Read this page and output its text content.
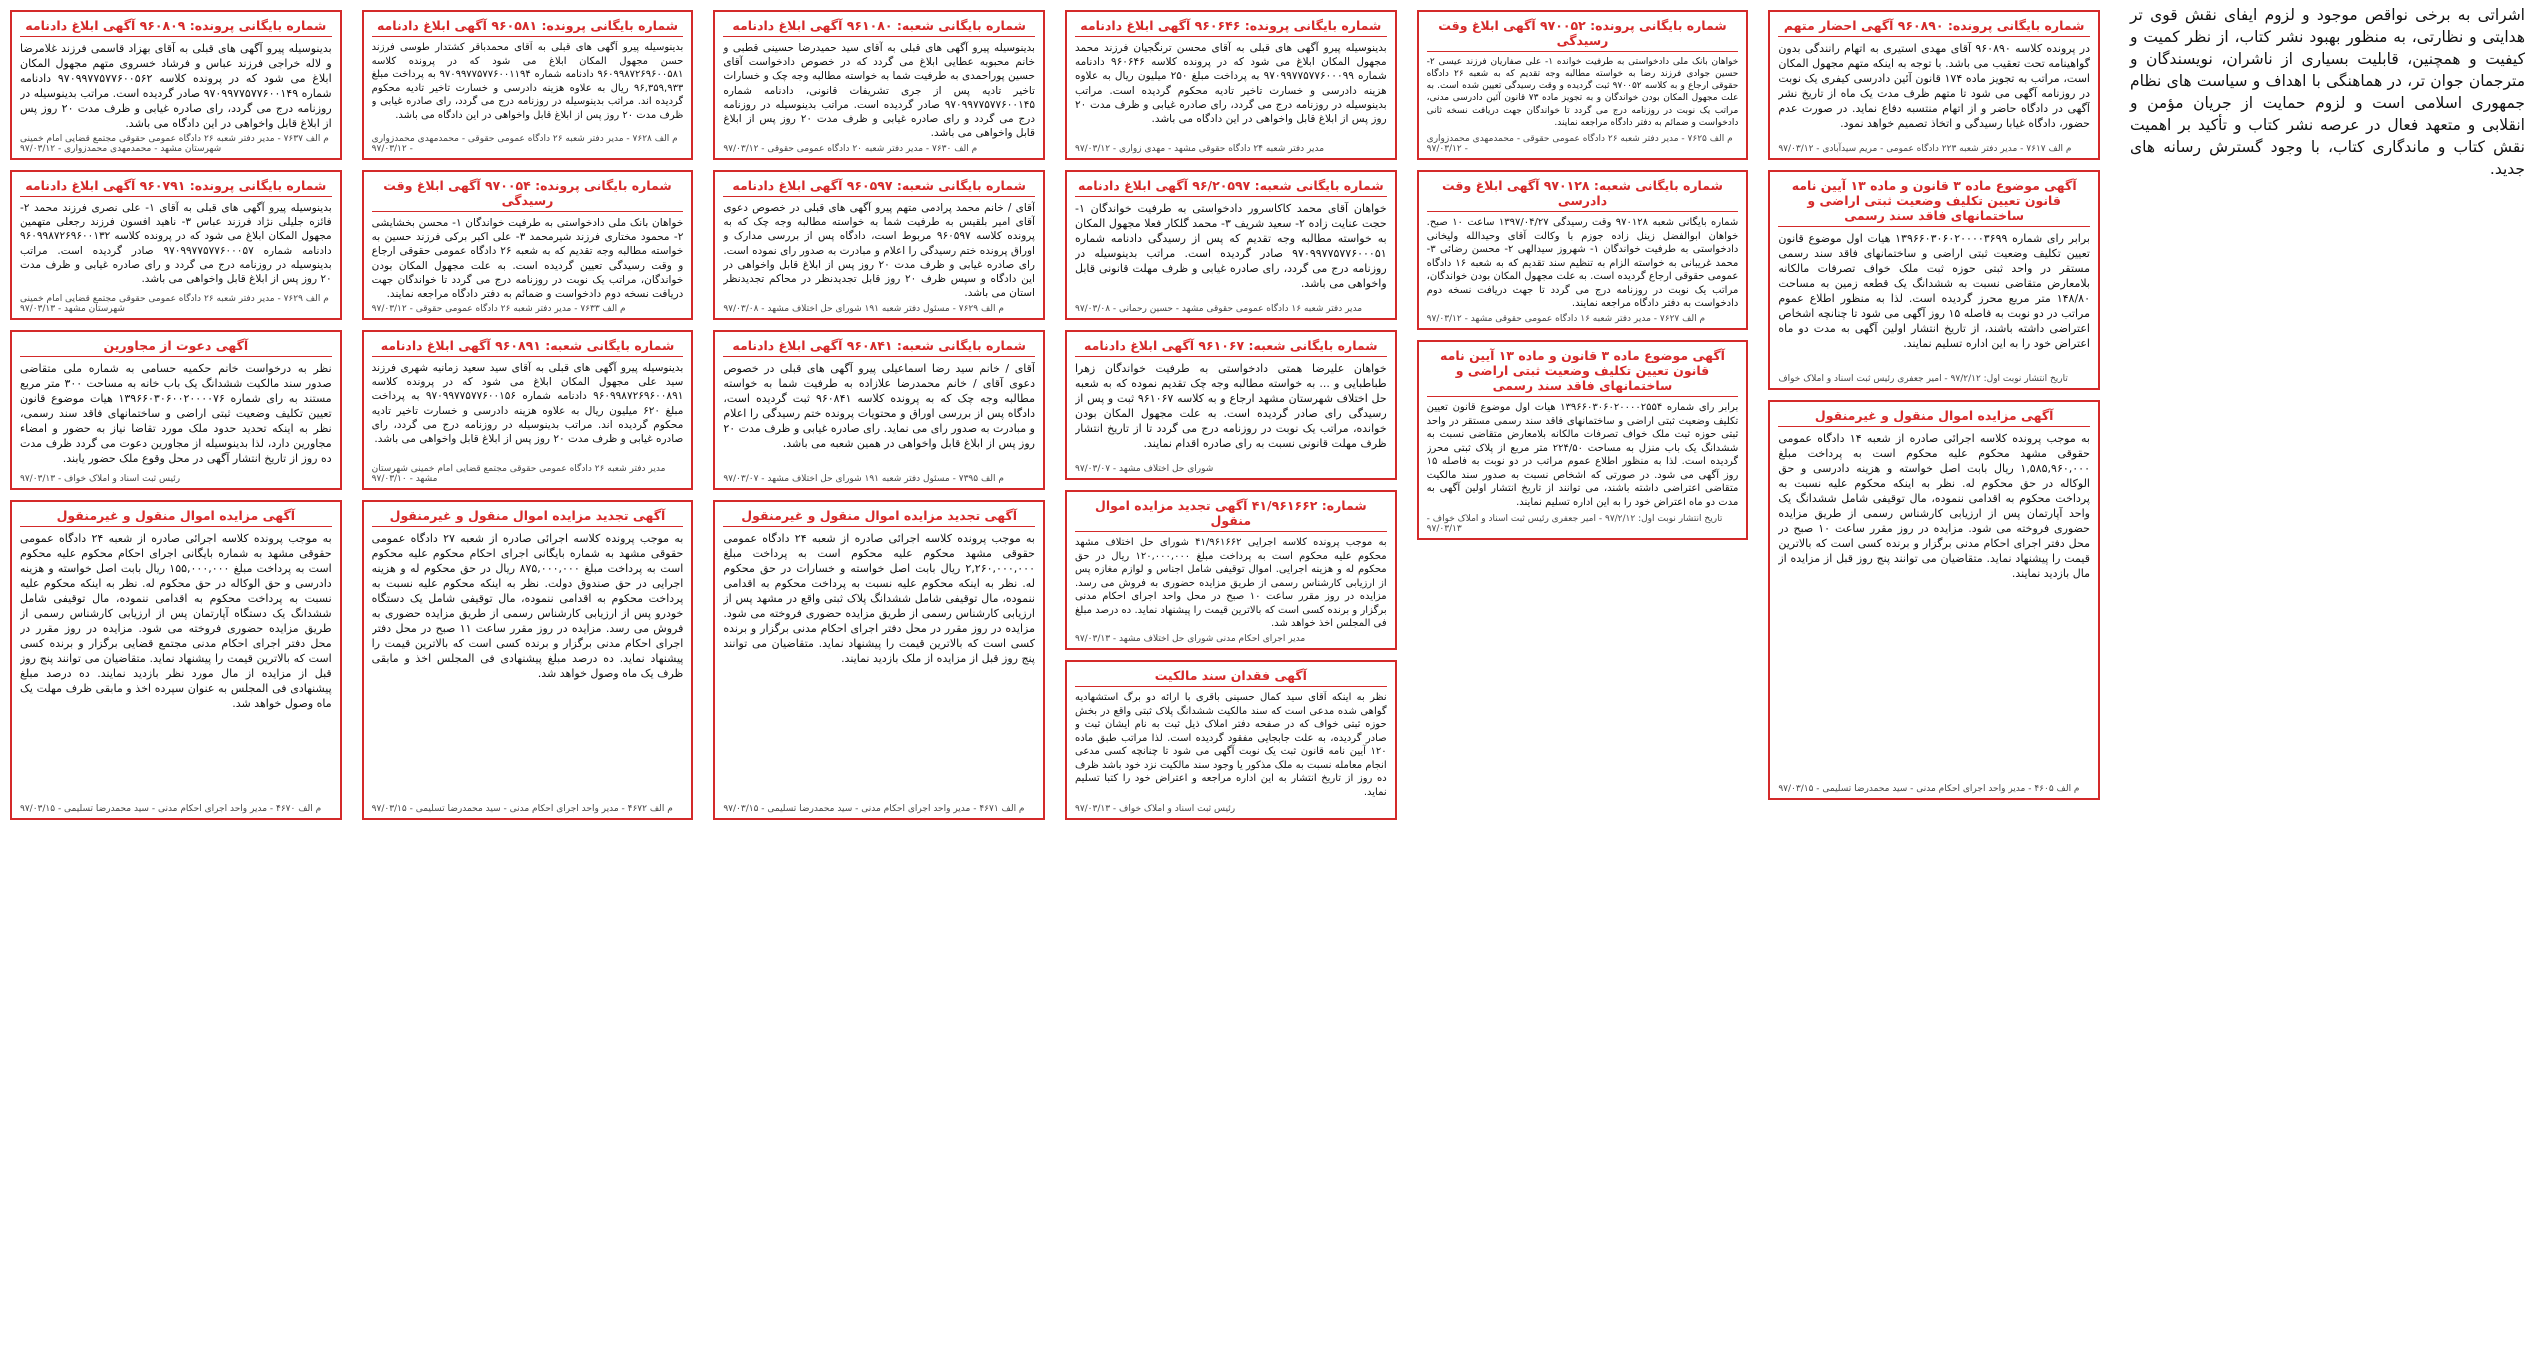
اشراتی به برخی نواقص موجود و لزوم ایفای نقش قوی تر هدایتی و نظارتی، به منظور بهبود نشر کتاب، از نظر کمیت و کیفیت و همچنین، قابلیت بسیاری از ناشران، نویسندگان و مترجمان جوان تر، در هماهنگی با اهداف و سیاست های نظام جمهوری اسلامی است و لزوم حمایت از جریان مؤمن و انقلابی و متعهد فعال در عرصه نشر کتاب و تأکید بر اهمیت نقش کتاب و ماندگاری کتاب، با وجود گسترش رسانه های جدید.
شماره بایگانی پرونده: ۹۶۰۸۰۹ آگهی ابلاغ دادنامه
بدینوسیله پیرو آگهی های قبلی به آقای بهزاد قاسمی فرزند غلامرضا و لاله خراجی فرزند عباس و فرشاد خسروی متهم مجهول المکان ابلاغ می شود که در پرونده کلاسه ۹۷۰۹۹۷۷۵۷۷۶۰۰۵۶۲ دادنامه شماره ۹۷۰۹۹۷۷۵۷۷۶۰۰۱۴۹ صادر گردیده است. مراتب بدینوسیله در روزنامه درج می گردد، رای صادره غیابی و ظرف مدت ۲۰ روز پس از ابلاغ قابل واخواهی در این دادگاه می باشد.
م الف ۷۶۳۷ - مدیر دفتر شعبه ۲۶ دادگاه عمومی حقوقی مجتمع قضایی امام خمینی شهرستان مشهد - محمدمهدی محمدزواری - ۹۷/۰۳/۱۲
شماره بایگانی پرونده: ۹۶۰۷۹۱ آگهی ابلاغ دادنامه
بدینوسیله پیرو آگهی های قبلی به آقای ۱- علی نصری فرزند محمد ۲- فائزه جلیلی نژاد فرزند عباس ۳- ناهید افسون فرزند رجعلی متهمین مجهول المکان ابلاغ می شود که در پرونده کلاسه ۹۶۰۹۹۸۷۲۶۹۶۰۰۱۳۲ دادنامه شماره ۹۷۰۹۹۷۷۵۷۷۶۰۰۰۵۷ صادر گردیده است. مراتب بدینوسیله در روزنامه درج می گردد و رای صادره غیابی و ظرف مدت ۲۰ روز پس از ابلاغ قابل واخواهی می باشد.
م الف ۷۶۲۹ - مدیر دفتر شعبه ۲۶ دادگاه عمومی حقوقی مجتمع قضایی امام خمینی شهرستان مشهد - ۹۷/۰۳/۱۳
آگهی دعوت از مجاورین
نظر به درخواست خانم حکمیه حسامی به شماره ملی متقاضی صدور سند مالکیت ششدانگ یک باب خانه به مساحت ۳۰۰ متر مربع مستند به رای شماره ۱۳۹۶۶۰۳۰۶۰۰۲۰۰۰۰۷۶ هیات موضوع قانون تعیین تکلیف وضعیت ثبتی اراضی و ساختمانهای فاقد سند رسمی، نظر به اینکه تحدید حدود ملک مورد تقاضا نیاز به حضور و امضاء مجاورین دارد، لذا بدینوسیله از مجاورین دعوت می گردد ظرف مدت ده روز از تاریخ انتشار آگهی در محل وقوع ملک حضور یابند.
رئیس ثبت اسناد و املاک خواف - ۹۷/۰۳/۱۳
آگهی مزایده اموال منقول و غیرمنقول
به موجب پرونده کلاسه اجرائی صادره از شعبه ۲۴ دادگاه عمومی حقوقی مشهد به شماره بایگانی اجرای احکام محکوم علیه محکوم است به پرداخت مبلغ ۱۵۵,۰۰۰,۰۰۰ ریال بابت اصل خواسته و هزینه دادرسی و حق الوکاله در حق محکوم له. نظر به اینکه محکوم علیه نسبت به پرداخت محکوم به اقدامی ننموده، مال توقیفی شامل ششدانگ یک دستگاه آپارتمان پس از ارزیابی کارشناس رسمی از طریق مزایده حضوری فروخته می شود. مزایده در روز مقرر در محل دفتر اجرای احکام مدنی مجتمع قضایی برگزار و برنده کسی است که بالاترین قیمت را پیشنهاد نماید. متقاضیان می توانند پنج روز قبل از مزایده از مال مورد نظر بازدید نمایند. ده درصد مبلغ پیشنهادی فی المجلس به عنوان سپرده اخذ و مابقی ظرف مهلت یک ماه وصول خواهد شد.
م الف ۴۶۷۰ - مدیر واحد اجرای احکام مدنی - سید محمدرضا تسلیمی - ۹۷/۰۳/۱۵
شماره بایگانی پرونده: ۹۶۰۵۸۱ آگهی ابلاغ دادنامه
بدینوسیله پیرو آگهی های قبلی به آقای محمدباقر کشتدار طوسی فرزند حسن مجهول المکان ابلاغ می شود که در پرونده کلاسه ۹۶۰۹۹۸۷۲۶۹۶۰۰۵۸۱ دادنامه شماره ۹۷۰۹۹۷۷۵۷۷۶۰۰۱۱۹۴ به پرداخت مبلغ ۹۶,۳۵۹,۹۳۳ ریال به علاوه هزینه دادرسی و خسارت تاخیر تادیه محکوم گردیده اند. مراتب بدینوسیله در روزنامه درج می گردد، رای صادره غیابی و ظرف مدت ۲۰ روز پس از ابلاغ قابل واخواهی در این دادگاه می باشد.
م الف ۷۶۲۸ - مدیر دفتر شعبه ۲۶ دادگاه عمومی حقوقی - محمدمهدی محمدزواری - ۹۷/۰۳/۱۲
شماره بایگانی پرونده: ۹۷۰۰۵۴ آگهی ابلاغ وقت رسیدگی
خواهان بانک ملی دادخواستی به طرفیت خواندگان ۱- محسن بخشایشی ۲- محمود مختاری فرزند شیرمحمد ۳- علی اکبر برکی فرزند حسین به خواسته مطالبه وجه تقدیم که به شعبه ۲۶ دادگاه عمومی حقوقی ارجاع و وقت رسیدگی تعیین گردیده است. به علت مجهول المکان بودن خواندگان، مراتب یک نوبت در روزنامه درج می گردد تا خواندگان جهت دریافت نسخه دوم دادخواست و ضمائم به دفتر دادگاه مراجعه نمایند.
م الف ۷۶۳۳ - مدیر دفتر شعبه ۲۶ دادگاه عمومی حقوقی - ۹۷/۰۳/۱۲
شماره بایگانی شعبه: ۹۶۰۸۹۱ آگهی ابلاغ دادنامه
بدینوسیله پیرو آگهی های قبلی به آقای سید سعید زمانیه شهری فرزند سید علی مجهول المکان ابلاغ می شود که در پرونده کلاسه ۹۶۰۹۹۸۷۲۶۹۶۰۰۸۹۱ دادنامه شماره ۹۷۰۹۹۷۷۵۷۷۶۰۰۱۵۶ به پرداخت مبلغ ۶۲۰ میلیون ریال به علاوه هزینه دادرسی و خسارت تاخیر تادیه محکوم گردیده اند. مراتب بدینوسیله در روزنامه درج می گردد، رای صادره غیابی و ظرف مدت ۲۰ روز پس از ابلاغ قابل واخواهی می باشد.
مدیر دفتر شعبه ۲۶ دادگاه عمومی حقوقی مجتمع قضایی امام خمینی شهرستان مشهد - ۹۷/۰۳/۱۰
آگهی تجدید مزایده اموال منقول و غیرمنقول
به موجب پرونده کلاسه اجرائی صادره از شعبه ۲۷ دادگاه عمومی حقوقی مشهد به شماره بایگانی اجرای احکام محکوم علیه محکوم است به پرداخت مبلغ ۸۷۵,۰۰۰,۰۰۰ ریال در حق محکوم له و هزینه اجرایی در حق صندوق دولت. نظر به اینکه محکوم علیه نسبت به پرداخت محکوم به اقدامی ننموده، مال توقیفی شامل یک دستگاه خودرو پس از ارزیابی کارشناس رسمی از طریق مزایده حضوری به فروش می رسد. مزایده در روز مقرر ساعت ۱۱ صبح در محل دفتر اجرای احکام مدنی برگزار و برنده کسی است که بالاترین قیمت را پیشنهاد نماید. ده درصد مبلغ پیشنهادی فی المجلس اخذ و مابقی ظرف یک ماه وصول خواهد شد.
م الف ۴۶۷۲ - مدیر واحد اجرای احکام مدنی - سید محمدرضا تسلیمی - ۹۷/۰۳/۱۵
شماره بایگانی شعبه: ۹۶۱۰۸۰ آگهی ابلاغ دادنامه
بدینوسیله پیرو آگهی های قبلی به آقای سید حمیدرضا حسینی قطبی و خانم محبوبه عطایی ابلاغ می گردد که در خصوص دادخواست آقای حسین پوراحمدی به طرفیت شما به خواسته مطالبه وجه چک و خسارات تاخیر تادیه پس از جری تشریفات قانونی، دادنامه شماره ۹۷۰۹۹۷۷۵۷۷۶۰۰۱۴۵ صادر گردیده است. مراتب بدینوسیله در روزنامه درج می گردد و رای صادره غیابی و ظرف مدت ۲۰ روز پس از ابلاغ قابل واخواهی می باشد.
م الف ۷۶۳۰ - مدیر دفتر شعبه ۲۰ دادگاه عمومی حقوقی - ۹۷/۰۳/۱۲
شماره بایگانی شعبه: ۹۶۰۵۹۷ آگهی ابلاغ دادنامه
آقای / خانم محمد پرادمی متهم پیرو آگهی های قبلی در خصوص دعوی آقای امیر بلقیس به طرفیت شما به خواسته مطالبه وجه چک که به پرونده کلاسه ۹۶۰۵۹۷ مربوط است، دادگاه پس از بررسی مدارک و اوراق پرونده ختم رسیدگی را اعلام و مبادرت به صدور رای نموده است. رای صادره غیابی و ظرف مدت ۲۰ روز پس از ابلاغ قابل واخواهی در این دادگاه و سپس ظرف ۲۰ روز قابل تجدیدنظر در محاکم تجدیدنظر استان می باشد.
م الف ۷۶۲۹ - مسئول دفتر شعبه ۱۹۱ شورای حل اختلاف مشهد - ۹۷/۰۳/۰۸
شماره بایگانی شعبه: ۹۶۰۸۴۱ آگهی ابلاغ دادنامه
آقای / خانم سید رضا اسماعیلی پیرو آگهی های قبلی در خصوص دعوی آقای / خانم محمدرضا علازاده به طرفیت شما به خواسته مطالبه وجه چک که به پرونده کلاسه ۹۶۰۸۴۱ ثبت گردیده است، دادگاه پس از بررسی اوراق و محتویات پرونده ختم رسیدگی را اعلام و مبادرت به صدور رای می نماید. رای صادره غیابی و ظرف مدت ۲۰ روز پس از ابلاغ قابل واخواهی در همین شعبه می باشد.
م الف ۷۳۹۵ - مسئول دفتر شعبه ۱۹۱ شورای حل اختلاف مشهد - ۹۷/۰۳/۰۷
آگهی تجدید مزایده اموال منقول و غیرمنقول
به موجب پرونده کلاسه اجرائی صادره از شعبه ۲۴ دادگاه عمومی حقوقی مشهد محکوم علیه محکوم است به پرداخت مبلغ ۲,۲۶۰,۰۰۰,۰۰۰ ریال بابت اصل خواسته و خسارات در حق محکوم له. نظر به اینکه محکوم علیه نسبت به پرداخت محکوم به اقدامی ننموده، مال توقیفی شامل ششدانگ پلاک ثبتی واقع در مشهد پس از ارزیابی کارشناس رسمی از طریق مزایده حضوری فروخته می شود. مزایده در روز مقرر در محل دفتر اجرای احکام مدنی برگزار و برنده کسی است که بالاترین قیمت را پیشنهاد نماید. متقاضیان می توانند پنج روز قبل از مزایده از ملک بازدید نمایند.
م الف ۴۶۷۱ - مدیر واحد اجرای احکام مدنی - سید محمدرضا تسلیمی - ۹۷/۰۳/۱۵
شماره بایگانی پرونده: ۹۶۰۶۴۶ آگهی ابلاغ دادنامه
بدینوسیله پیرو آگهی های قبلی به آقای محسن ترنگجیان فرزند محمد مجهول المکان ابلاغ می شود که در پرونده کلاسه ۹۶۰۶۴۶ دادنامه شماره ۹۷۰۹۹۷۷۵۷۷۶۰۰۰۹۹ به پرداخت مبلغ ۲۵۰ میلیون ریال به علاوه هزینه دادرسی و خسارت تاخیر تادیه محکوم گردیده است. مراتب بدینوسیله در روزنامه درج می گردد، رای صادره غیابی و ظرف مدت ۲۰ روز پس از ابلاغ قابل واخواهی در این دادگاه می باشد.
مدیر دفتر شعبه ۲۴ دادگاه حقوقی مشهد - مهدی زواری - ۹۷/۰۳/۱۲
شماره بایگانی شعبه: ۹۶/۲۰۵۹۷ آگهی ابلاغ دادنامه
خواهان آقای محمد کاکاسرور دادخواستی به طرفیت خواندگان ۱- حجت عنایت زاده ۲- سعید شریف ۳- محمد گلکار فعلا مجهول المکان به خواسته مطالبه وجه تقدیم که پس از رسیدگی دادنامه شماره ۹۷۰۹۹۷۷۵۷۷۶۰۰۰۵۱ صادر گردیده است. مراتب بدینوسیله در روزنامه درج می گردد، رای صادره غیابی و ظرف مهلت قانونی قابل واخواهی می باشد.
مدیر دفتر شعبه ۱۶ دادگاه عمومی حقوقی مشهد - حسین رحمانی - ۹۷/۰۳/۰۸
شماره بایگانی شعبه: ۹۶۱۰۶۷ آگهی ابلاغ دادنامه
خواهان علیرضا همتی دادخواستی به طرفیت خواندگان زهرا طباطبایی و ... به خواسته مطالبه وجه چک تقدیم نموده که به شعبه حل اختلاف شهرستان مشهد ارجاع و به کلاسه ۹۶۱۰۶۷ ثبت و پس از رسیدگی رای صادر گردیده است. به علت مجهول المکان بودن خوانده، مراتب یک نوبت در روزنامه درج می گردد تا از تاریخ انتشار ظرف مهلت قانونی نسبت به رای صادره اقدام نمایند.
شورای حل اختلاف مشهد - ۹۷/۰۳/۰۷
شماره: ۴۱/۹۶۱۶۶۲ آگهی تجدید مزایده اموال منقول
به موجب پرونده کلاسه اجرایی ۴۱/۹۶۱۶۶۲ شورای حل اختلاف مشهد محکوم علیه محکوم است به پرداخت مبلغ ۱۲۰,۰۰۰,۰۰۰ ریال در حق محکوم له و هزینه اجرایی. اموال توقیفی شامل اجناس و لوازم مغازه پس از ارزیابی کارشناس رسمی از طریق مزایده حضوری به فروش می رسد. مزایده در روز مقرر ساعت ۱۰ صبح در محل واحد اجرای احکام مدنی برگزار و برنده کسی است که بالاترین قیمت را پیشنهاد نماید. ده درصد مبلغ فی المجلس اخذ خواهد شد.
مدیر اجرای احکام مدنی شورای حل اختلاف مشهد - ۹۷/۰۳/۱۳
آگهی فقدان سند مالکیت
نظر به اینکه آقای سید کمال حسینی باقری با ارائه دو برگ استشهادیه گواهی شده مدعی است که سند مالکیت ششدانگ پلاک ثبتی واقع در بخش حوزه ثبتی خواف که در صفحه دفتر املاک ذیل ثبت به نام ایشان ثبت و صادر گردیده، به علت جابجایی مفقود گردیده است. لذا مراتب طبق ماده ۱۲۰ آیین نامه قانون ثبت یک نوبت آگهی می شود تا چنانچه کسی مدعی انجام معامله نسبت به ملک مذکور یا وجود سند مالکیت نزد خود باشد ظرف ده روز از تاریخ انتشار به این اداره مراجعه و اعتراض خود را کتبا تسلیم نماید.
رئیس ثبت اسناد و املاک خواف - ۹۷/۰۳/۱۳
شماره بایگانی پرونده: ۹۷۰۰۵۲ آگهی ابلاغ وقت رسیدگی
خواهان بانک ملی دادخواستی به طرفیت خوانده ۱- علی صفاریان فرزند عیسی ۲- حسین جوادی فرزند رضا به خواسته مطالبه وجه تقدیم که به شعبه ۲۶ دادگاه حقوقی ارجاع و به کلاسه ۹۷۰۰۵۲ ثبت گردیده و وقت رسیدگی تعیین شده است. به علت مجهول المکان بودن خواندگان و به تجویز ماده ۷۳ قانون آئین دادرسی مدنی، مراتب یک نوبت در روزنامه درج می گردد تا خواندگان جهت دریافت نسخه ثانی دادخواست و ضمائم به دفتر دادگاه مراجعه نمایند.
م الف ۷۶۲۵ - مدیر دفتر شعبه ۲۶ دادگاه عمومی حقوقی - محمدمهدی محمدزواری - ۹۷/۰۳/۱۲
شماره بایگانی شعبه: ۹۷۰۱۲۸ آگهی ابلاغ وقت دادرسی
شماره بایگانی شعبه ۹۷۰۱۲۸ وقت رسیدگی ۱۳۹۷/۰۴/۲۷ ساعت ۱۰ صبح. خواهان ابوالفضل زینل زاده جوزم با وکالت آقای وحیدالله ولیخانی دادخواستی به طرفیت خواندگان ۱- شهروز سیدالهی ۲- محسن رضائی ۳- محمد غریبانی به خواسته الزام به تنظیم سند تقدیم که به شعبه ۱۶ دادگاه عمومی حقوقی ارجاع گردیده است. به علت مجهول المکان بودن خواندگان، مراتب یک نوبت در روزنامه درج می گردد تا جهت دریافت نسخه دوم دادخواست به دفتر دادگاه مراجعه نمایند.
م الف ۷۶۲۷ - مدیر دفتر شعبه ۱۶ دادگاه عمومی حقوقی مشهد - ۹۷/۰۳/۱۲
آگهی موضوع ماده ۳ قانون و ماده ۱۳ آیین نامه قانون تعیین تکلیف وضعیت ثبتی اراضی و ساختمانهای فاقد سند رسمی
برابر رای شماره ۱۳۹۶۶۰۳۰۶۰۲۰۰۰۰۲۵۵۴ هیات اول موضوع قانون تعیین تکلیف وضعیت ثبتی اراضی و ساختمانهای فاقد سند رسمی مستقر در واحد ثبتی حوزه ثبت ملک خواف تصرفات مالکانه بلامعارض متقاضی نسبت به ششدانگ یک باب منزل به مساحت ۲۲۴/۵۰ متر مربع از پلاک ثبتی محرز گردیده است. لذا به منظور اطلاع عموم مراتب در دو نوبت به فاصله ۱۵ روز آگهی می شود. در صورتی که اشخاص نسبت به صدور سند مالکیت متقاضی اعتراضی داشته باشند، می توانند از تاریخ انتشار اولین آگهی به مدت دو ماه اعتراض خود را به این اداره تسلیم نمایند.
تاریخ انتشار نوبت اول: ۹۷/۲/۱۲ - امیر جعفری رئیس ثبت اسناد و املاک خواف - ۹۷/۰۳/۱۳
شماره بایگانی پرونده: ۹۶۰۸۹۰ آگهی احضار متهم
در پرونده کلاسه ۹۶۰۸۹۰ آقای مهدی استیری به اتهام رانندگی بدون گواهینامه تحت تعقیب می باشد. با توجه به اینکه متهم مجهول المکان است، مراتب به تجویز ماده ۱۷۴ قانون آئین دادرسی کیفری یک نوبت در روزنامه آگهی می شود تا متهم ظرف مدت یک ماه از تاریخ نشر آگهی در دادگاه حاضر و از اتهام منتسبه دفاع نماید. در صورت عدم حضور، دادگاه غیابا رسیدگی و اتخاذ تصمیم خواهد نمود.
م الف ۷۶۱۷ - مدیر دفتر شعبه ۲۲۳ دادگاه عمومی - مریم سیدآبادی - ۹۷/۰۳/۱۲
آگهی موضوع ماده ۳ قانون و ماده ۱۳ آیین نامه قانون تعیین تکلیف وضعیت ثبتی اراضی و ساختمانهای فاقد سند رسمی
برابر رای شماره ۱۳۹۶۶۰۳۰۶۰۲۰۰۰۰۳۶۹۹ هیات اول موضوع قانون تعیین تکلیف وضعیت ثبتی اراضی و ساختمانهای فاقد سند رسمی مستقر در واحد ثبتی حوزه ثبت ملک خواف تصرفات مالکانه بلامعارض متقاضی نسبت به ششدانگ یک قطعه زمین به مساحت ۱۴۸/۸۰ متر مربع محرز گردیده است. لذا به منظور اطلاع عموم مراتب در دو نوبت به فاصله ۱۵ روز آگهی می شود تا چنانچه اشخاص اعتراضی داشته باشند، از تاریخ انتشار اولین آگهی به مدت دو ماه اعتراض خود را به این اداره تسلیم نمایند.
تاریخ انتشار نوبت اول: ۹۷/۲/۱۲ - امیر جعفری رئیس ثبت اسناد و املاک خواف
آگهی مزایده اموال منقول و غیرمنقول
به موجب پرونده کلاسه اجرائی صادره از شعبه ۱۴ دادگاه عمومی حقوقی مشهد محکوم علیه محکوم است به پرداخت مبلغ ۱,۵۸۵,۹۶۰,۰۰۰ ریال بابت اصل خواسته و هزینه دادرسی و حق الوکاله در حق محکوم له. نظر به اینکه محکوم علیه نسبت به پرداخت محکوم به اقدامی ننموده، مال توقیفی شامل ششدانگ یک واحد آپارتمان پس از ارزیابی کارشناس رسمی از طریق مزایده حضوری فروخته می شود. مزایده در روز مقرر ساعت ۱۰ صبح در محل دفتر اجرای احکام مدنی برگزار و برنده کسی است که بالاترین قیمت را پیشنهاد نماید. متقاضیان می توانند پنج روز قبل از مزایده از مال بازدید نمایند.
م الف ۴۶۰۵ - مدیر واحد اجرای احکام مدنی - سید محمدرضا تسلیمی - ۹۷/۰۳/۱۵
